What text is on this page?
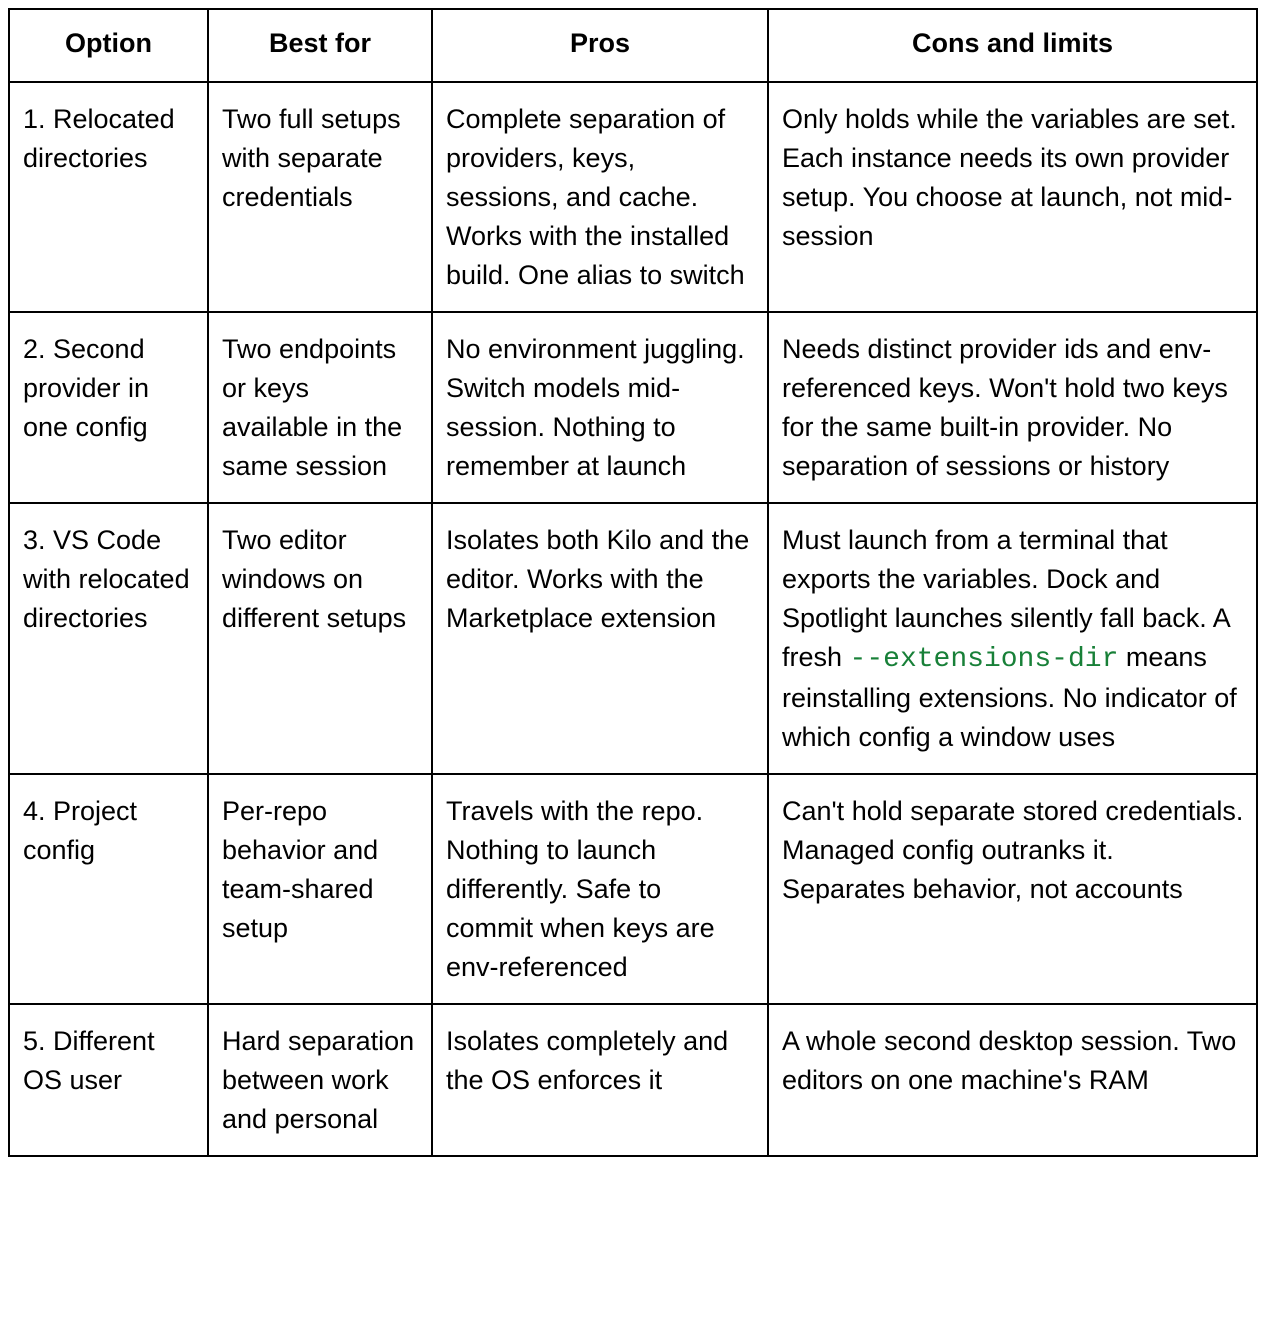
Option	Best for	Pros	Cons and limits
1. Relocated directories	Two full setups with separate credentials	Complete separation of providers, keys, sessions, and cache. Works with the installed build. One alias to switch	Only holds while the variables are set. Each instance needs its own provider setup. You choose at launch, not mid-session
2. Second provider in one config	Two endpoints or keys available in the same session	No environment juggling. Switch models mid-session. Nothing to remember at launch	Needs distinct provider ids and env-referenced keys. Won't hold two keys for the same built-in provider. No separation of sessions or history
3. VS Code with relocated directories	Two editor windows on different setups	Isolates both Kilo and the editor. Works with the Marketplace extension	Must launch from a terminal that exports the variables. Dock and Spotlight launches silently fall back. A fresh --extensions-dir means reinstalling extensions. No indicator of which config a window uses
4. Project config	Per-repo behavior and team-shared setup	Travels with the repo. Nothing to launch differently. Safe to commit when keys are env-referenced	Can't hold separate stored credentials. Managed config outranks it. Separates behavior, not accounts
5. Different OS user	Hard separation between work and personal	Isolates completely and the OS enforces it	A whole second desktop session. Two editors on one machine's RAM
